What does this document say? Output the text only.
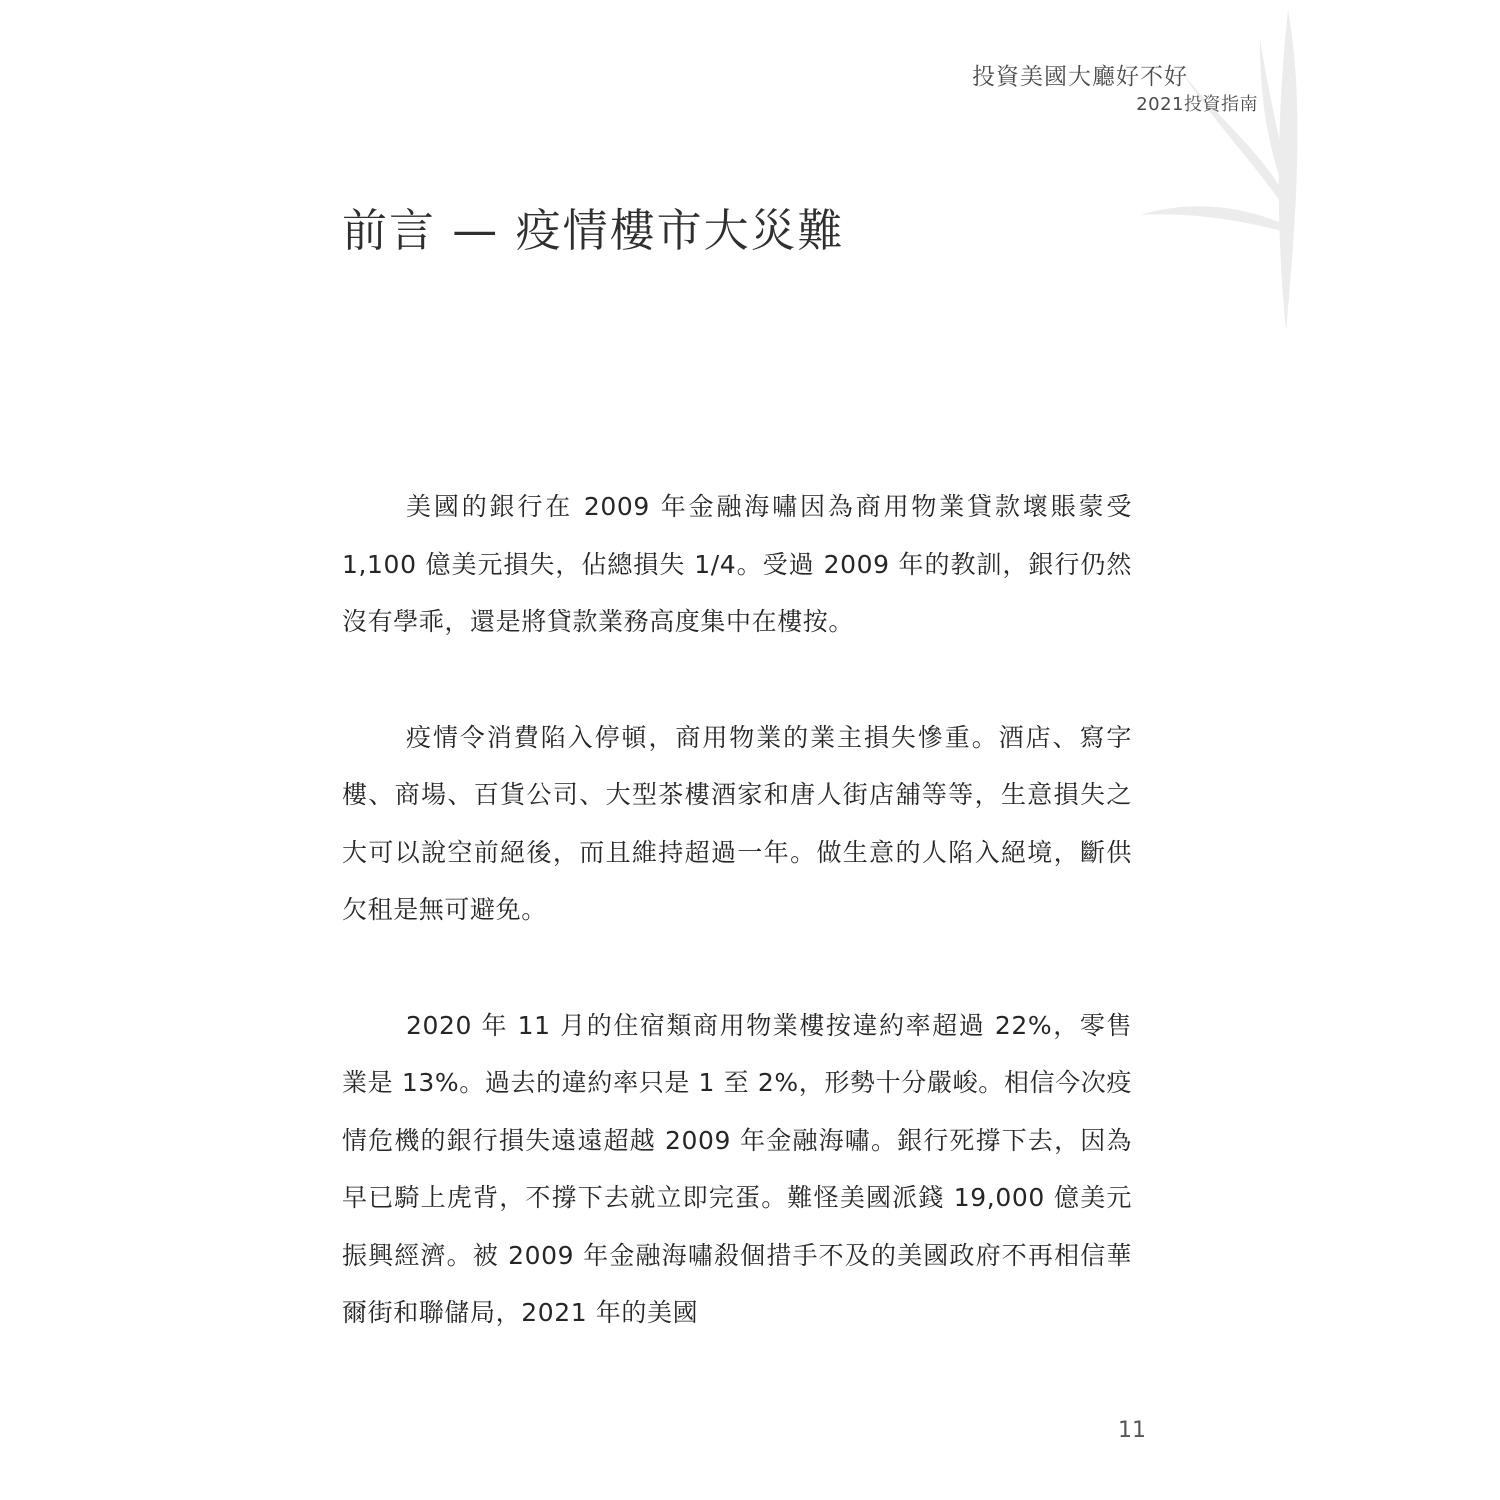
投資美國大廳好不好
2021投資指南
前言 — 疫情樓市大災難

美國的銀行在 2009 年金融海嘯因為商用物業貸款壞賬蒙受 1,100 億美元損失，佔總損失 1/4。受過 2009 年的教訓，銀行仍然沒有學乖，還是將貸款業務高度集中在樓按。

疫情令消費陷入停頓，商用物業的業主損失慘重。酒店、寫字樓、商場、百貨公司、大型茶樓酒家和唐人街店舖等等，生意損失之大可以說空前絕後，而且維持超過一年。做生意的人陷入絕境，斷供欠租是無可避免。

2020 年 11 月的住宿類商用物業樓按違約率超過 22%，零售業是 13%。過去的違約率只是 1 至 2%，形勢十分嚴峻。相信今次疫情危機的銀行損失遠遠超越 2009 年金融海嘯。銀行死撐下去，因為早已騎上虎背，不撐下去就立即完蛋。難怪美國派錢 19,000 億美元振興經濟。被 2009 年金融海嘯殺個措手不及的美國政府不再相信華爾街和聯儲局，2021 年的美國

11
